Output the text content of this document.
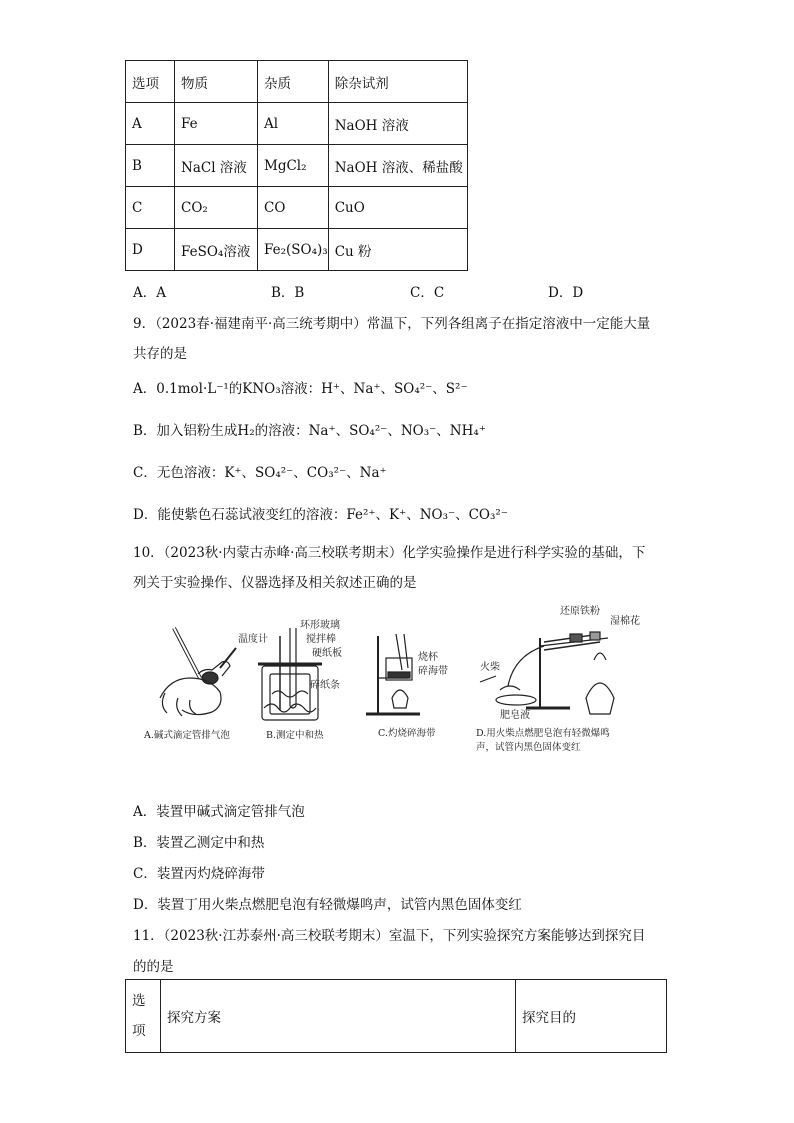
选项	物质	杂质	除杂试剂
A	Fe	Al	NaOH 溶液
B	NaCl 溶液	MgCl₂	NaOH 溶液、稀盐酸
C	CO₂	CO	CuO
D	FeSO₄溶液	Fe₂(SO₄)₃	Cu 粉
A．A	B．B	C．C	D．D
9．（2023春·福建南平·高三统考期中）常温下，下列各组离子在指定溶液中一定能大量
共存的是
A．0.1mol·L⁻¹的KNO₃溶液：H⁺、Na⁺、SO₄²⁻、S²⁻
B．加入铝粉生成H₂的溶液：Na⁺、SO₄²⁻、NO₃⁻、NH₄⁺
C．无色溶液：K⁺、SO₄²⁻、CO₃²⁻、Na⁺
D．能使紫色石蕊试液变红的溶液：Fe²⁺、K⁺、NO₃⁻、CO₃²⁻
10．（2023秋·内蒙古赤峰·高三校联考期末）化学实验操作是进行科学实验的基础，下
列关于实验操作、仪器选择及相关叙述正确的是
A.碱式滴定管排气泡
温度计
环形玻璃
搅拌棒
硬纸板
碎纸条
B.测定中和热
烧杯
碎海带
C.灼烧碎海带
还原铁粉
湿棉花
火柴
肥皂液
D.用火柴点燃肥皂泡有轻微爆鸣
声，试管内黑色固体变红
A．装置甲碱式滴定管排气泡
B．装置乙测定中和热
C．装置丙灼烧碎海带
D．装置丁用火柴点燃肥皂泡有轻微爆鸣声，试管内黑色固体变红
11．（2023秋·江苏泰州·高三校联考期末）室温下，下列实验探究方案能够达到探究目
的的是
选
项
	探究方案	探究目的
